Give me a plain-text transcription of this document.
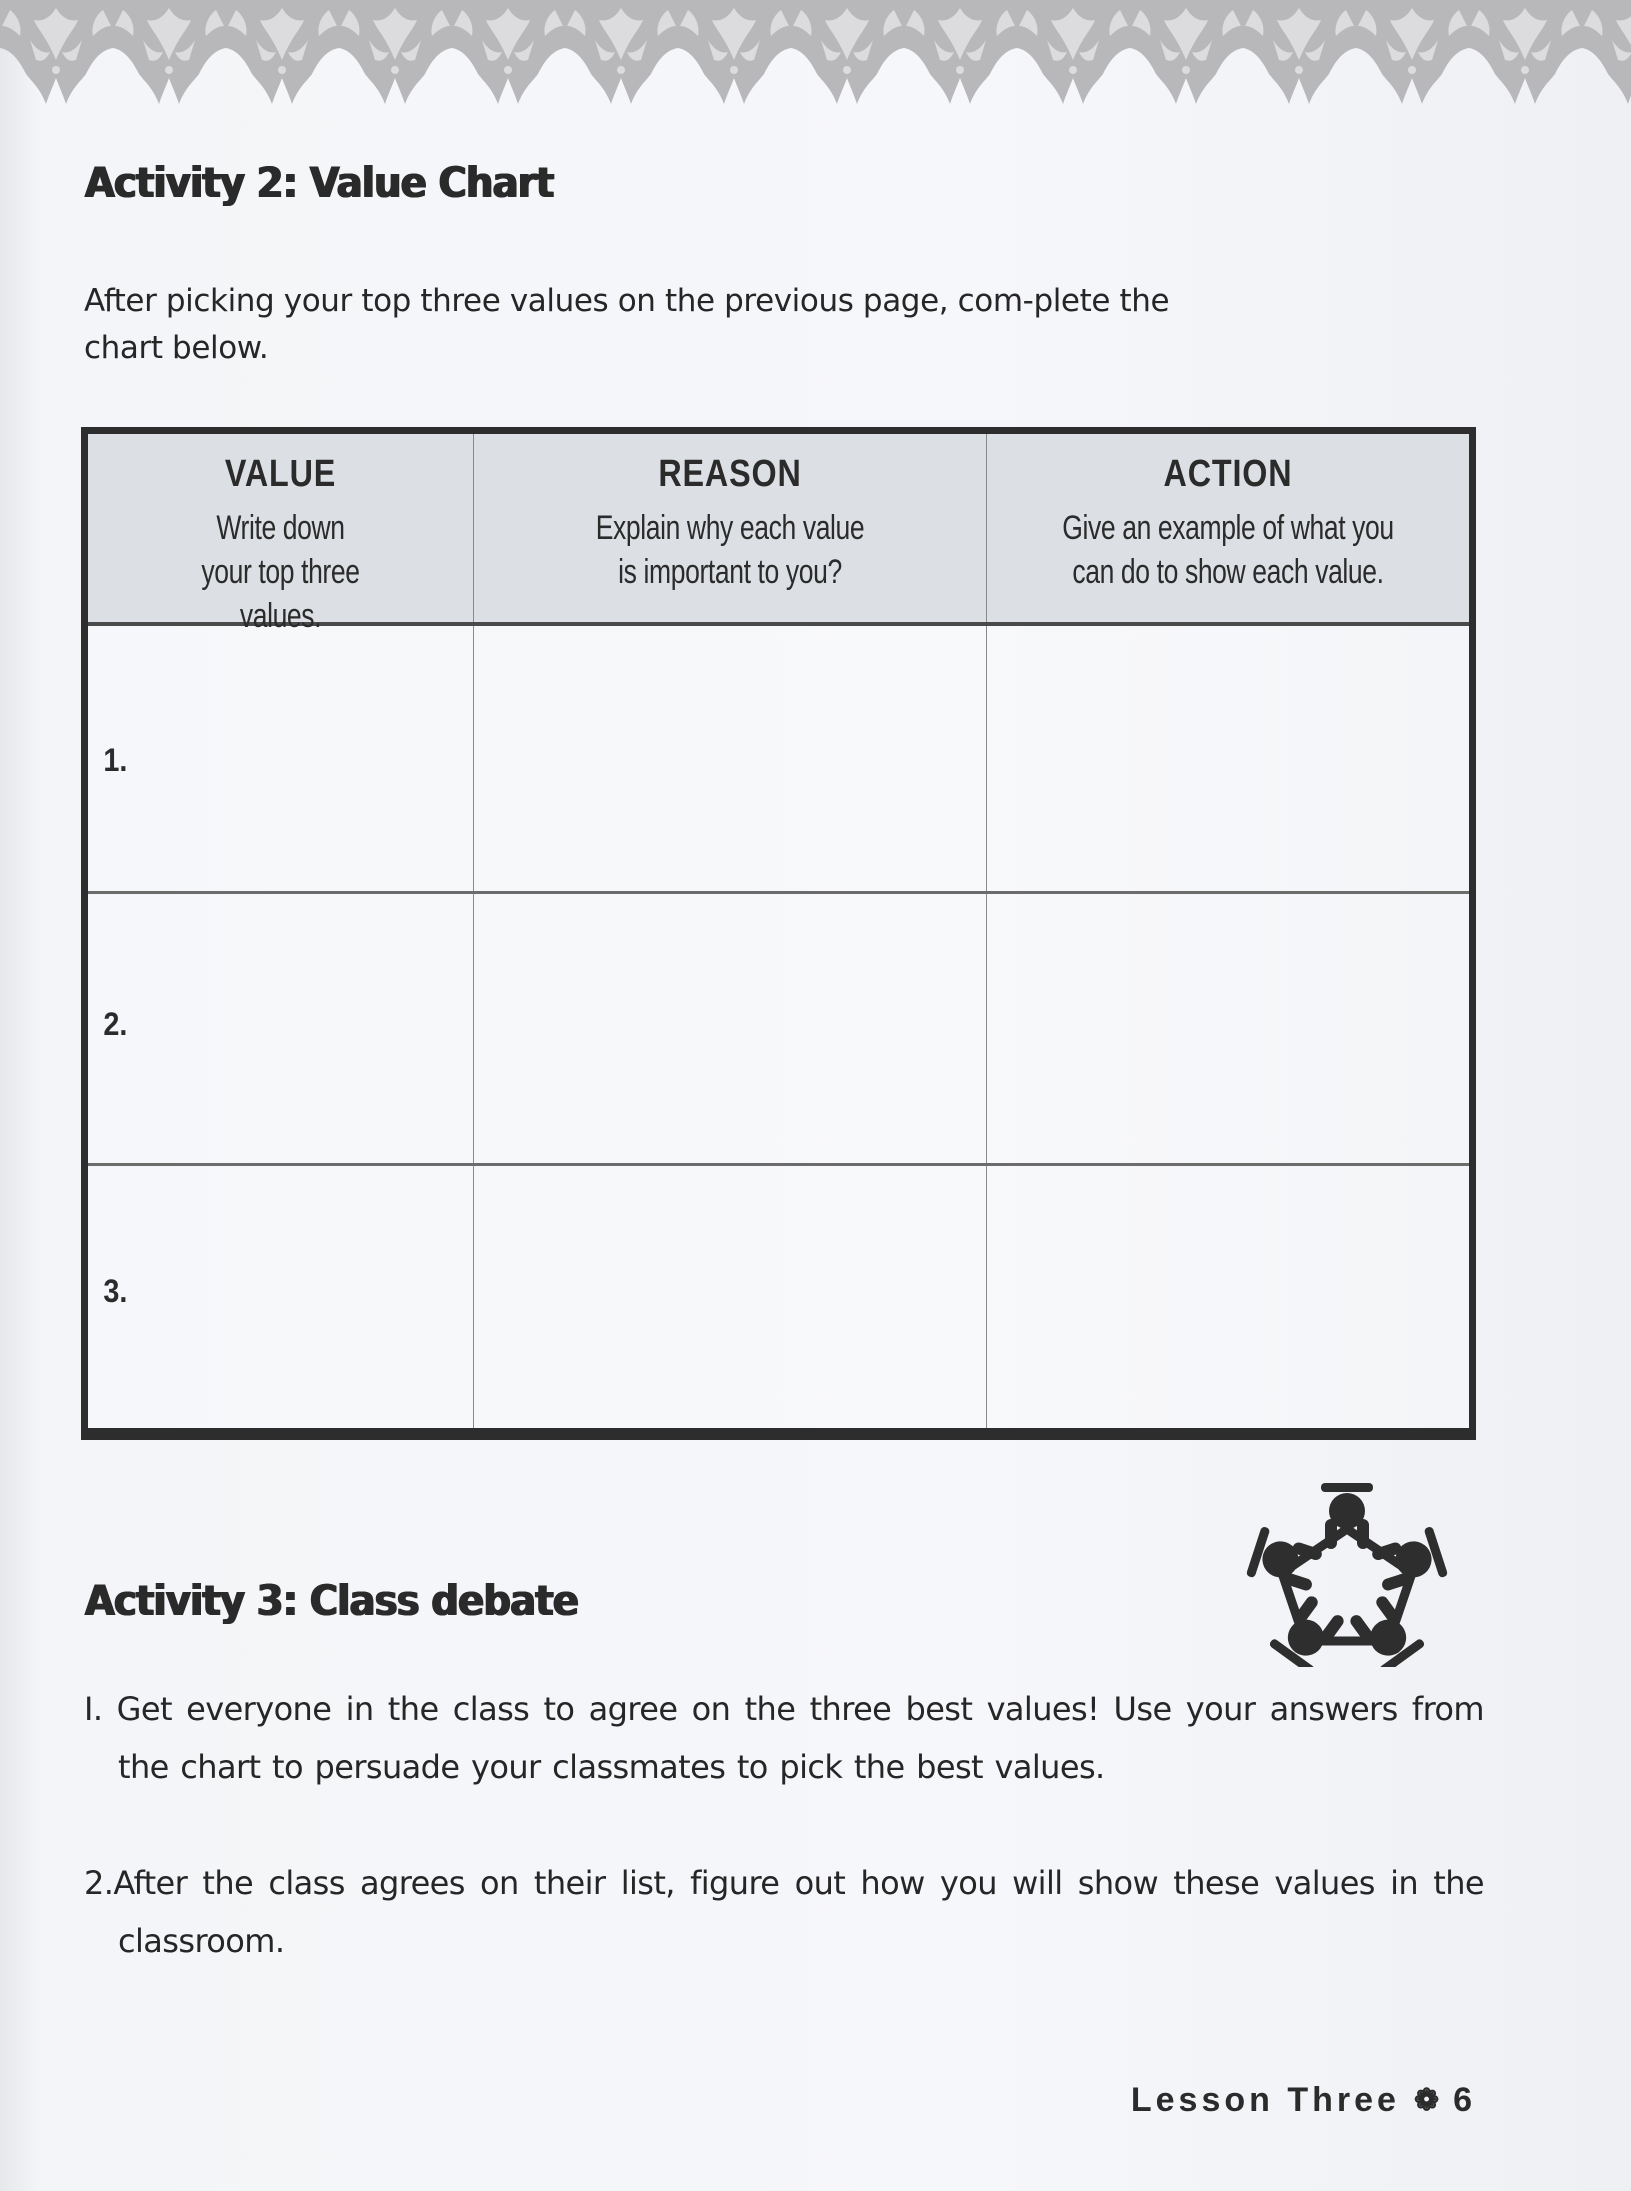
Activity 2: Value Chart

After picking your top three values on the previous page, com-plete the chart below.

VALUE
Write down your top three values.
REASON
Explain why each value is important to you?
ACTION
Give an example of what you can do to show each value.
1.
2.
3.
Activity 3: Class debate
I. Get everyone in the class to agree on the three best values! Use your answers from the chart to persuade your classmates to pick the best values.
2.After the class agrees on their list, figure out how you will show these values in the classroom.
Lesson Three ❁ 6
